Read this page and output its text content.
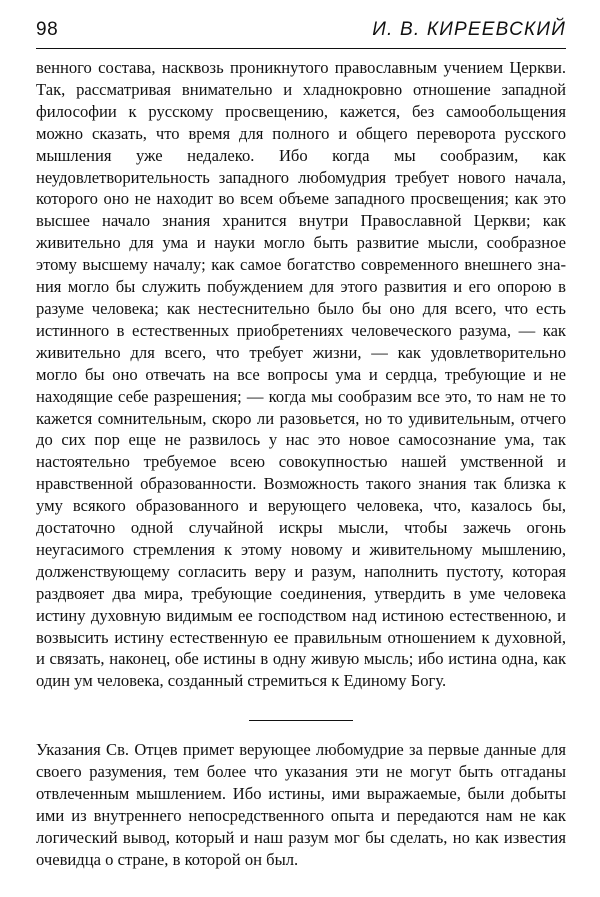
98	И. В. КИРЕЕВСКИЙ

венного состава, насквозь проникнутого православным учением Церкви. Так, рассматривая внимательно и хладнокровно отношение западной философии к русскому просвещению, кажется, без самообольщения можно сказать, что время для полного и общего переворота русского мышления уже недалеко. Ибо когда мы сообразим, как неудовлетворительность западного любомудрия требует нового начала, которого оно не находит во всем объеме западного просвещения; как это высшее начало знания хранится внутри Православной Церкви; как живительно для ума и науки могло быть развитие мысли, сообразное этому высшему началу; как самое богатство современного внешнего знания могло бы служить побуждением для этого развития и его опорою в разуме человека; как нестеснительно было бы оно для всего, что есть истинного в естественных приобретениях человеческого разума, — как живительно для всего, что требует жизни, — как удовлетворительно могло бы оно отвечать на все вопросы ума и сердца, требующие и не находящие себе разрешения; — когда мы сообразим все это, то нам не то кажется сомнительным, скоро ли разовьется, но то удивительным, отчего до сих пор еще не развилось у нас это новое самосознание ума, так настоятельно требуемое всею совокупностью нашей умственной и нравственной образованности. Возможность такого знания так близка к уму всякого образованного и верующего человека, что, казалось бы, достаточно одной случайной искры мысли, чтобы зажечь огонь неугасимого стремления к этому новому и живительному мышлению, долженствующему согласить веру и разум, наполнить пустоту, которая раздвояет два мира, требующие соединения, утвердить в уме человека истину духовную видимым ее господством над истиною естественною, и возвысить истину естественную ее правильным отношением к духовной, и связать, наконец, обе истины в одну живую мысль; ибо истина одна, как один ум человека, созданный стремиться к Единому Богу.

Указания Св. Отцев примет верующее любомудрие за первые данные для своего разумения, тем более что указания эти не могут быть отгаданы отвлеченным мышлением. Ибо истины, ими выражаемые, были добыты ими из внутреннего непосредственного опыта и передаются нам не как логический вывод, который и наш разум мог бы сделать, но как известия очевидца о стране, в которой он был.
